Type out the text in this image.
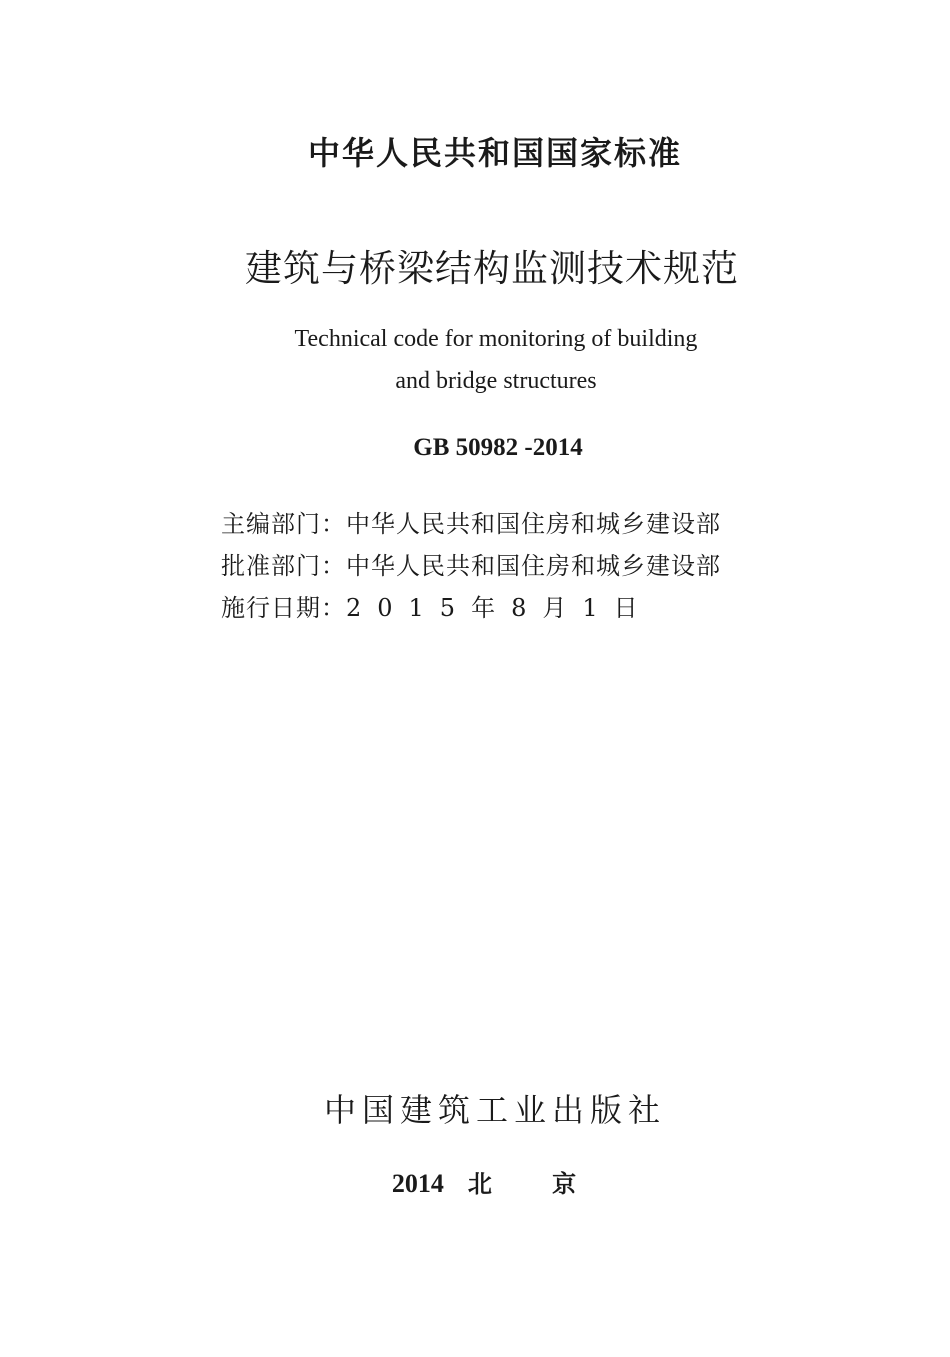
中华人民共和国国家标准
建筑与桥梁结构监测技术规范
Technical code for monitoring of building
and bridge structures
GB 50982 -2014
主编部门：中华人民共和国住房和城乡建设部
批准部门：中华人民共和国住房和城乡建设部
施行日期：2015年8月1日
中国建筑工业出版社
2014 北 京
